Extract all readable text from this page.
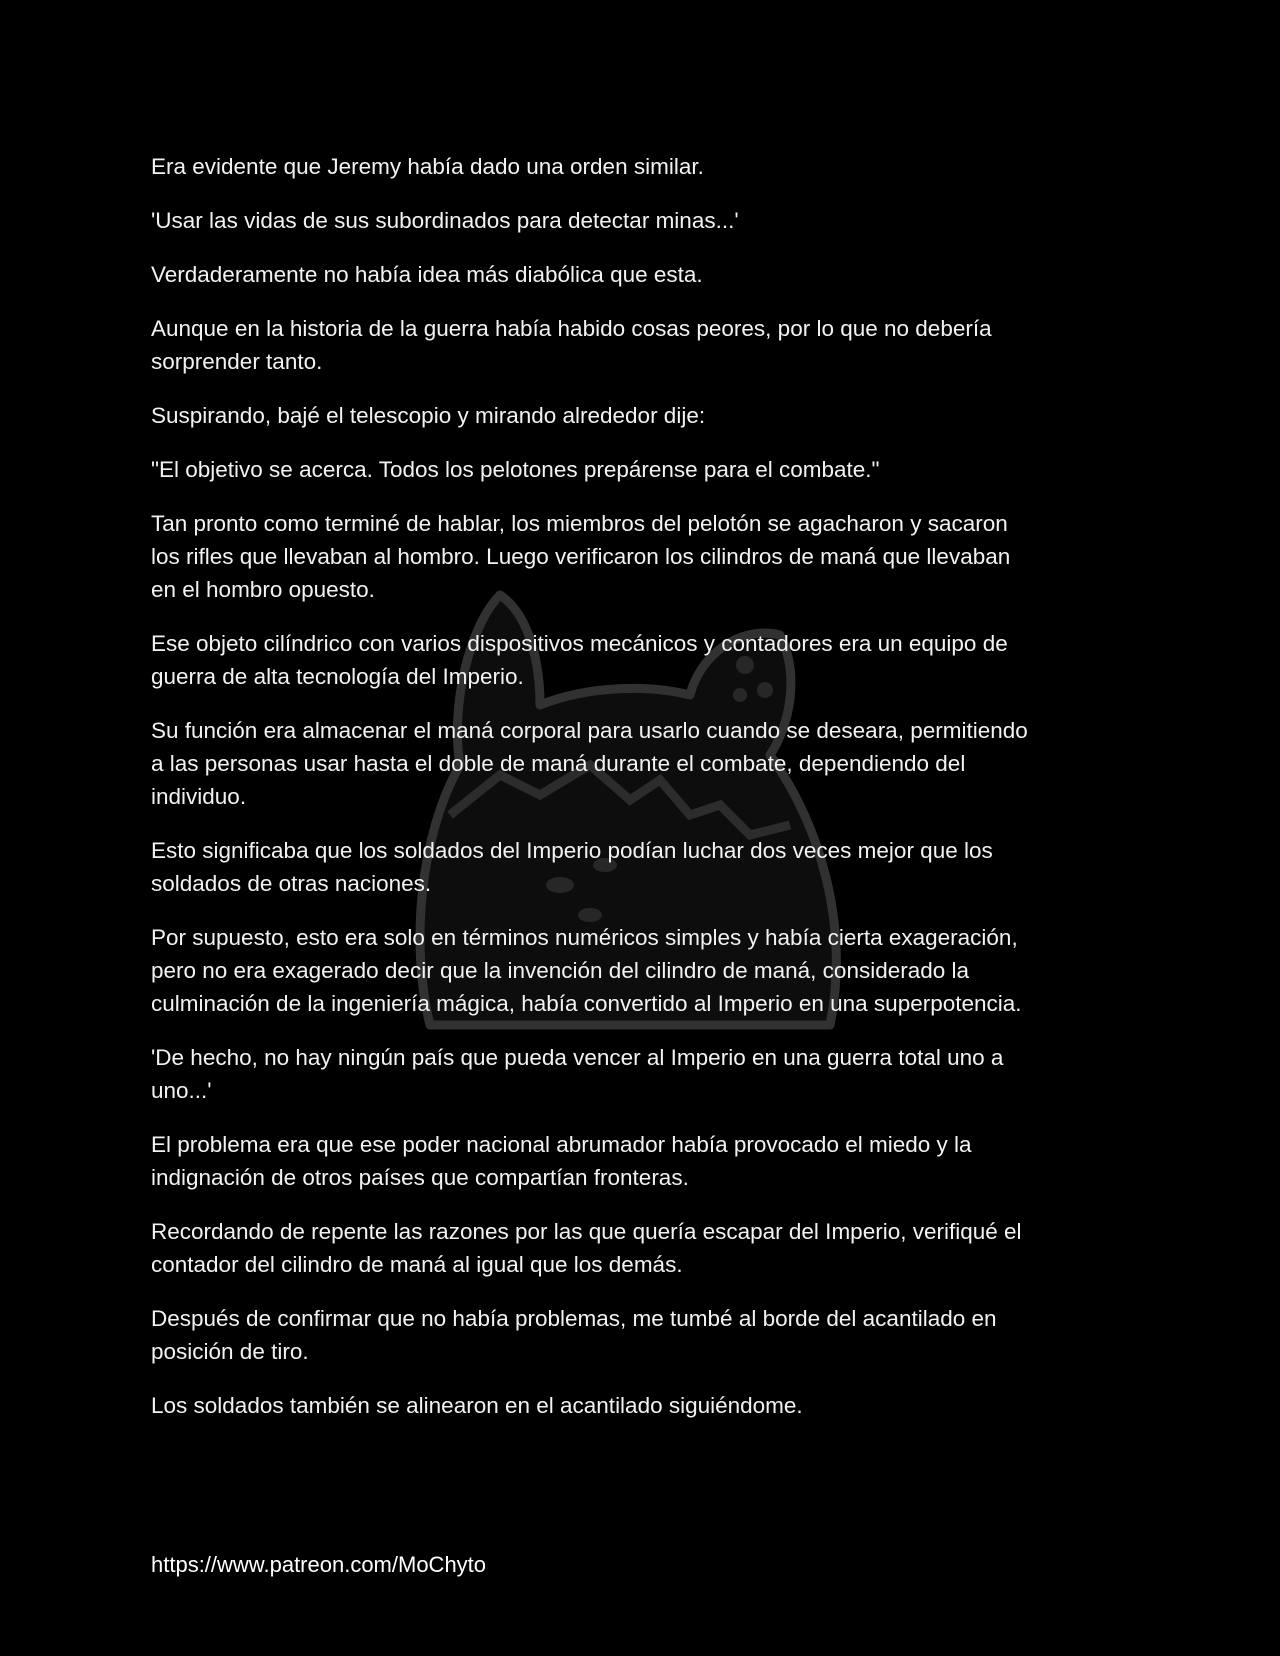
Era evidente que Jeremy había dado una orden similar.

'Usar las vidas de sus subordinados para detectar minas...'

Verdaderamente no había idea más diabólica que esta.

Aunque en la historia de la guerra había habido cosas peores, por lo que no debería
sorprender tanto.

Suspirando, bajé el telescopio y mirando alrededor dije:

"El objetivo se acerca. Todos los pelotones prepárense para el combate."

Tan pronto como terminé de hablar, los miembros del pelotón se agacharon y sacaron
los rifles que llevaban al hombro. Luego verificaron los cilindros de maná que llevaban
en el hombro opuesto.

Ese objeto cilíndrico con varios dispositivos mecánicos y contadores era un equipo de
guerra de alta tecnología del Imperio.

Su función era almacenar el maná corporal para usarlo cuando se deseara, permitiendo
a las personas usar hasta el doble de maná durante el combate, dependiendo del
individuo.

Esto significaba que los soldados del Imperio podían luchar dos veces mejor que los
soldados de otras naciones.

Por supuesto, esto era solo en términos numéricos simples y había cierta exageración,
pero no era exagerado decir que la invención del cilindro de maná, considerado la
culminación de la ingeniería mágica, había convertido al Imperio en una superpotencia.

'De hecho, no hay ningún país que pueda vencer al Imperio en una guerra total uno a
uno...'

El problema era que ese poder nacional abrumador había provocado el miedo y la
indignación de otros países que compartían fronteras.

Recordando de repente las razones por las que quería escapar del Imperio, verifiqué el
contador del cilindro de maná al igual que los demás.

Después de confirmar que no había problemas, me tumbé al borde del acantilado en
posición de tiro.

Los soldados también se alinearon en el acantilado siguiéndome.

https://www.patreon.com/MoChyto
